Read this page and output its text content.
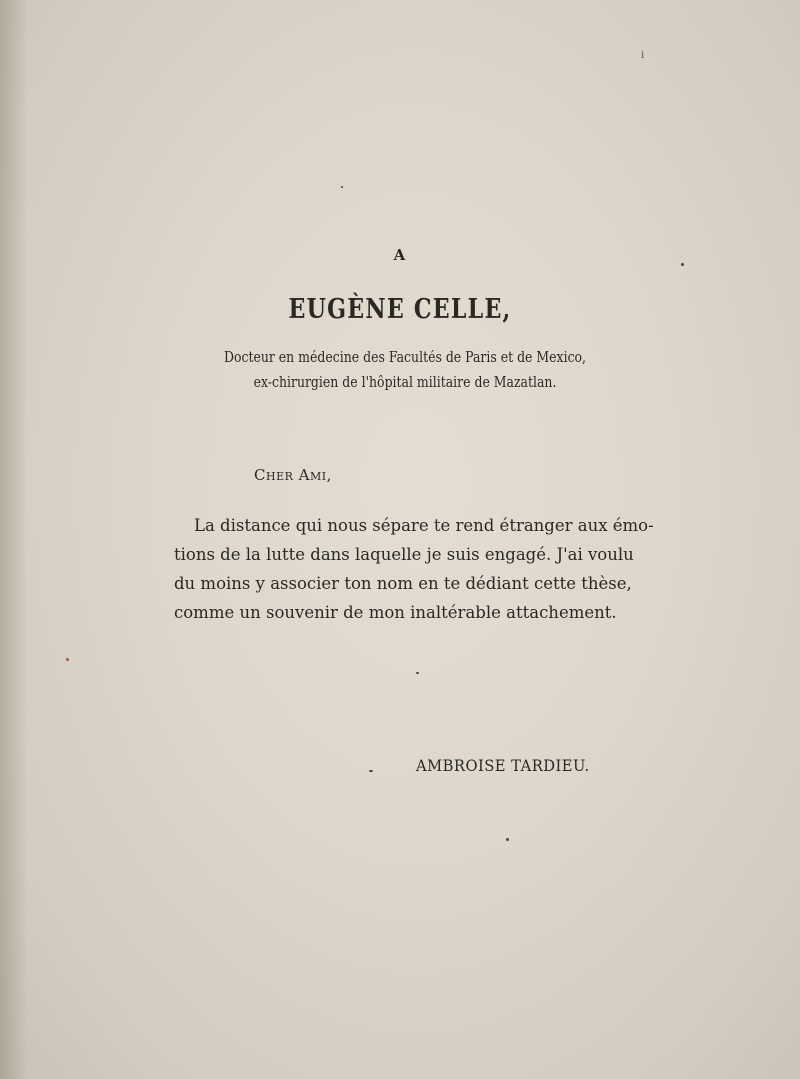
ⅰ
A
EUGÈNE CELLE,
Docteur en médecine des Facultés de Paris et de Mexico,
ex-chirurgien de l'hôpital militaire de Mazatlan.
Cher Ami,
La distance qui nous sépare te rend étranger aux émo-
tions de la lutte dans laquelle je suis engagé. J'ai voulu
du moins y associer ton nom en te dédiant cette thèse,
comme un souvenir de mon inaltérable attachement.
AMBROISE TARDIEU.
